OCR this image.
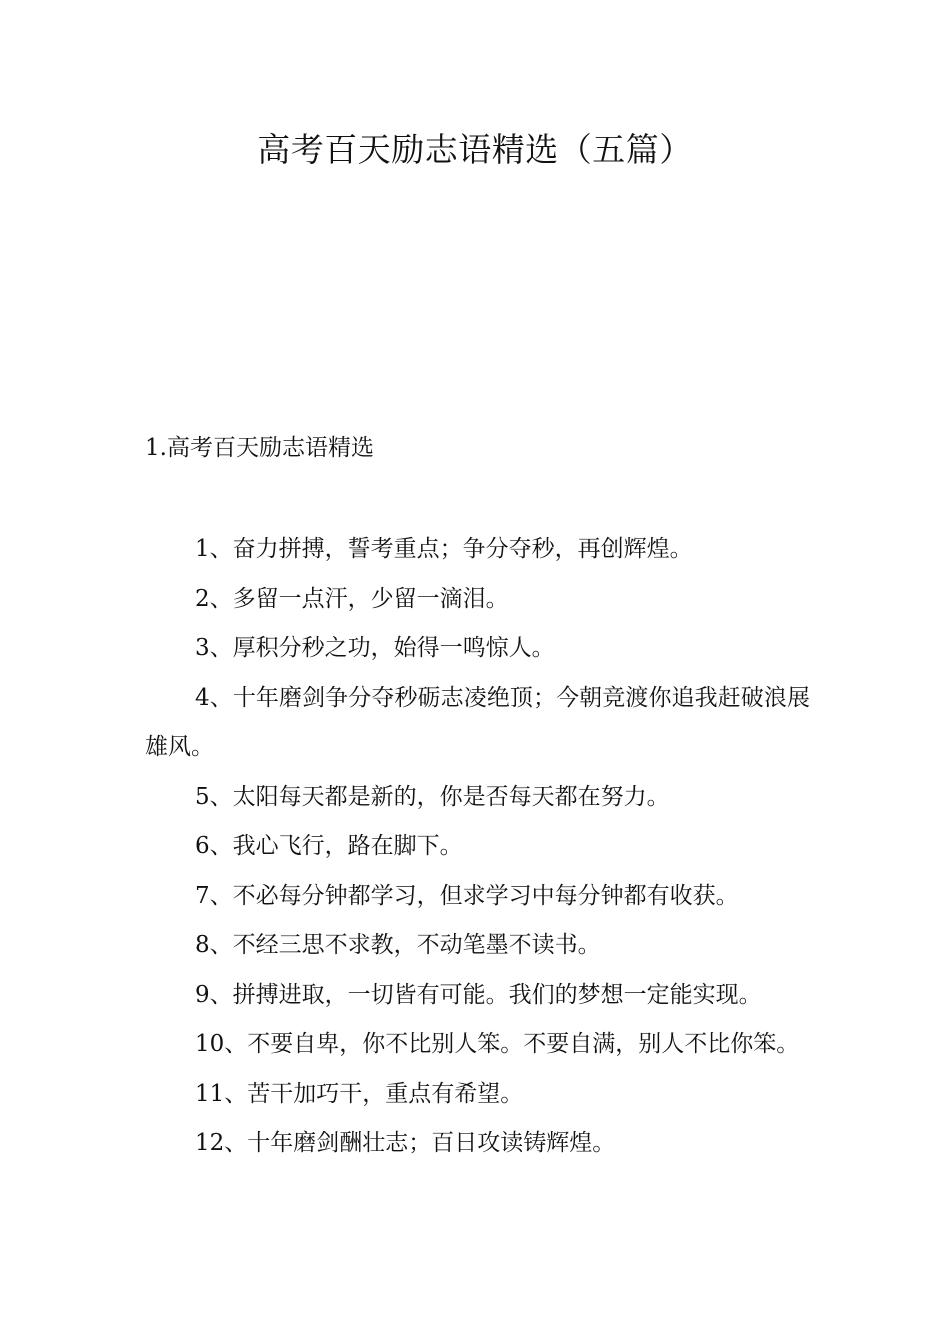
高考百天励志语精选（五篇）
1.高考百天励志语精选
1、奋力拼搏，誓考重点；争分夺秒，再创辉煌。
2、多留一点汗，少留一滴泪。
3、厚积分秒之功，始得一鸣惊人。
4、十年磨剑争分夺秒砺志凌绝顶；今朝竞渡你追我赶破浪展雄风。
5、太阳每天都是新的，你是否每天都在努力。
6、我心飞行，路在脚下。
7、不必每分钟都学习，但求学习中每分钟都有收获。
8、不经三思不求教，不动笔墨不读书。
9、拼搏进取，一切皆有可能。我们的梦想一定能实现。
10、不要自卑，你不比别人笨。不要自满，别人不比你笨。
11、苦干加巧干，重点有希望。
12、十年磨剑酬壮志；百日攻读铸辉煌。
